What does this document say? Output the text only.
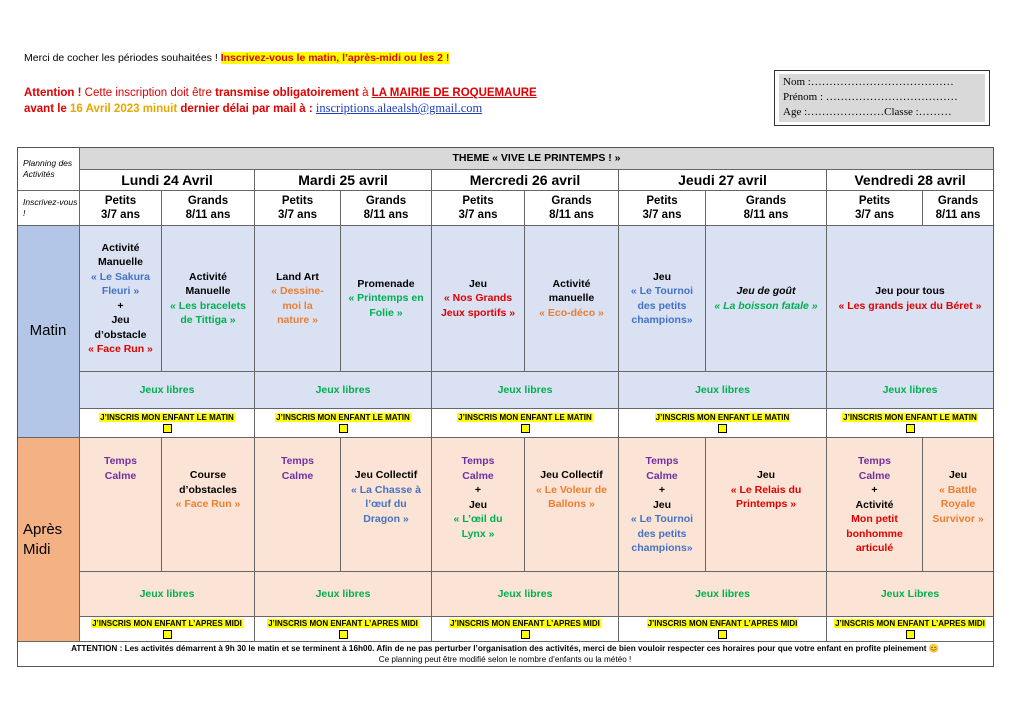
Merci de cocher les périodes souhaitées ! Inscrivez-vous le matin, l’après-midi ou les 2 !
Attention ! Cette inscription doit être transmise obligatoirement à LA MAIRIE DE ROQUEMAURE
avant le 16 Avril 2023 minuit dernier délai par mail à : inscriptions.alaealsh@gmail.com
Nom :…………………………………
Prénom : ………………………………
Age :…………………Classe :………
Planning des Activités
Inscrivez-vous !
Matin
Après Midi
THEME « VIVE LE PRINTEMPS ! »
Lundi 24 Avril
Petits
3/7 ans
Grands
8/11 ans
Activité
Manuelle
« Le Sakura
Fleuri »
+
Jeu
d’obstacle
« Face Run »
Activité
Manuelle
« Les bracelets
de Tittiga »
Jeux libres
J’INSCRIS MON ENFANT LE MATIN
Temps
Calme	Course
d’obstacles
« Face Run »
Jeux libres
J’INSCRIS MON ENFANT L’APRES MIDI
Mardi 25 avril
Petits
3/7 ans
Grands
8/11 ans
Land Art
« Dessine-
moi la
nature »
Promenade
« Printemps en
Folie »
Jeux libres
J’INSCRIS MON ENFANT LE MATIN
Temps
Calme	Jeu Collectif
« La Chasse à
l’œuf du
Dragon »
Jeux libres
J’INSCRIS MON ENFANT L’APRES MIDI
Mercredi 26 avril
Petits
3/7 ans
Grands
8/11 ans
Jeu
« Nos Grands
Jeux sportifs »
Activité
manuelle
« Eco-déco »
Jeux libres
J’INSCRIS MON ENFANT LE MATIN
Temps
Calme
+
Jeu
« L’œil du
Lynx »
Jeu Collectif
« Le Voleur de
Ballons »
Jeux libres
J’INSCRIS MON ENFANT L’APRES MIDI
Jeudi 27 avril
Petits
3/7 ans
Grands
8/11 ans
Jeu
« Le Tournoi
des petits
champions»
Jeu de goût
« La boisson fatale »
Jeux libres
J’INSCRIS MON ENFANT LE MATIN
Temps
Calme
+
Jeu
« Le Tournoi
des petits
champions»
Jeu
« Le Relais du
Printemps »
Jeux libres
J’INSCRIS MON ENFANT L’APRES MIDI
Vendredi 28 avril
Petits
3/7 ans
Grands
8/11 ans
Jeu pour tous
« Les grands jeux du Béret »
Jeux libres
J’INSCRIS MON ENFANT LE MATIN
Temps
Calme
+
Activité
Mon petit
bonhomme
articulé
Jeu
« Battle
Royale
Survivor »
Jeux Libres
J’INSCRIS MON ENFANT L’APRES MIDI
ATTENTION : Les activités démarrent à 9h 30 le matin et se terminent à 16h00. Afin de ne pas perturber l’organisation des activités, merci de bien vouloir respecter ces horaires pour que votre enfant en profite pleinement 😊
Ce planning peut être modifié selon le nombre d’enfants ou la météo !
